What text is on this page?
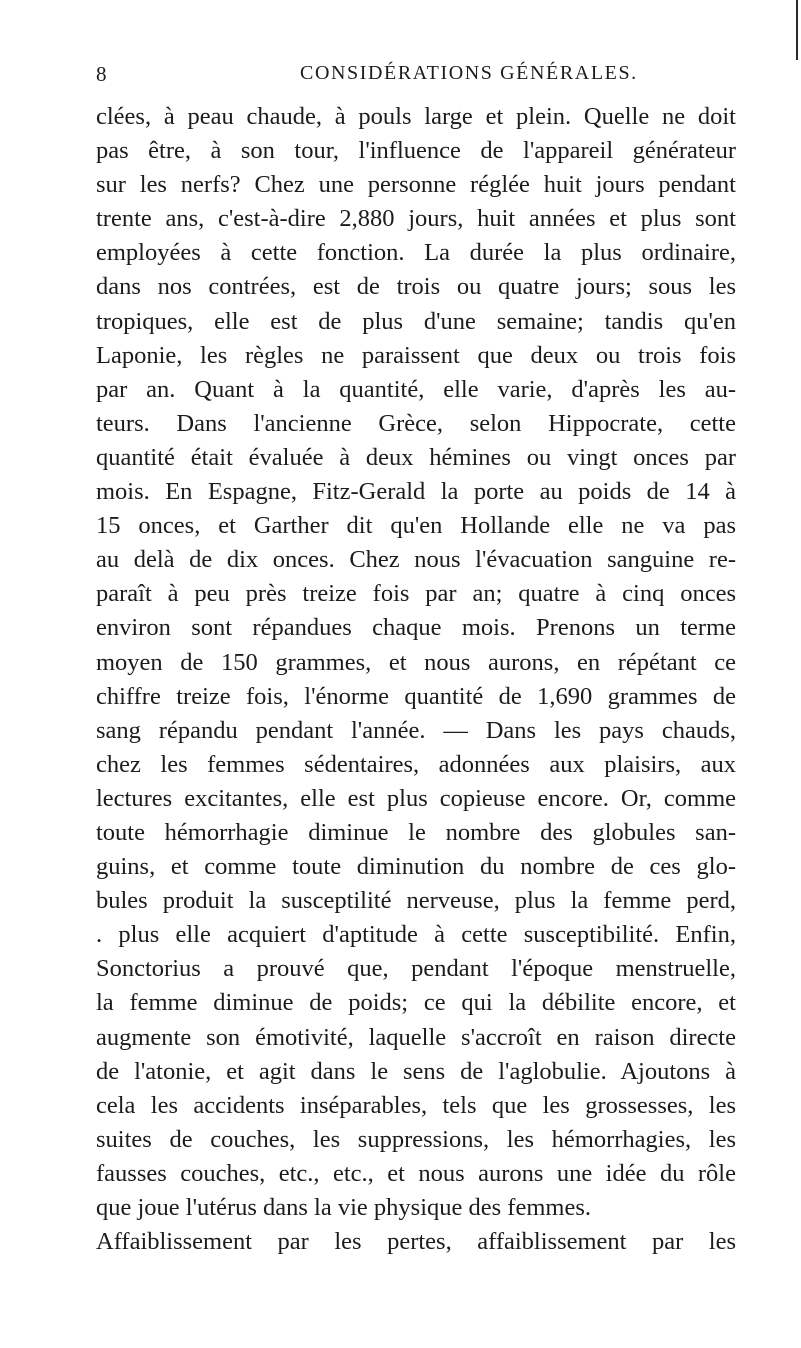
8	CONSIDÉRATIONS GÉNÉRALES.
clées, à peau chaude, à pouls large et plein. Quelle ne doit
pas être, à son tour, l'influence de l'appareil générateur
sur les nerfs? Chez une personne réglée huit jours pendant
trente ans, c'est-à-dire 2,880 jours, huit années et plus sont
employées à cette fonction. La durée la plus ordinaire,
dans nos contrées, est de trois ou quatre jours; sous les
tropiques, elle est de plus d'une semaine; tandis qu'en
Laponie, les règles ne paraissent que deux ou trois fois
par an. Quant à la quantité, elle varie, d'après les au-
teurs. Dans l'ancienne Grèce, selon Hippocrate, cette
quantité était évaluée à deux hémines ou vingt onces par
mois. En Espagne, Fitz-Gerald la porte au poids de 14 à
15 onces, et Garther dit qu'en Hollande elle ne va pas
au delà de dix onces. Chez nous l'évacuation sanguine re-
paraît à peu près treize fois par an; quatre à cinq onces
environ sont répandues chaque mois. Prenons un terme
moyen de 150 grammes, et nous aurons, en répétant ce
chiffre treize fois, l'énorme quantité de 1,690 grammes de
sang répandu pendant l'année. — Dans les pays chauds,
chez les femmes sédentaires, adonnées aux plaisirs, aux
lectures excitantes, elle est plus copieuse encore. Or, comme
toute hémorrhagie diminue le nombre des globules san-
guins, et comme toute diminution du nombre de ces glo-
bules produit la susceptilité nerveuse, plus la femme perd,
. plus elle acquiert d'aptitude à cette susceptibilité. Enfin,
Sonctorius a prouvé que, pendant l'époque menstruelle,
la femme diminue de poids; ce qui la débilite encore, et
augmente son émotivité, laquelle s'accroît en raison directe
de l'atonie, et agit dans le sens de l'aglobulie. Ajoutons à
cela les accidents inséparables, tels que les grossesses, les
suites de couches, les suppressions, les hémorrhagies, les
fausses couches, etc., etc., et nous aurons une idée du rôle
que joue l'utérus dans la vie physique des femmes.
Affaiblissement par les pertes, affaiblissement par les
